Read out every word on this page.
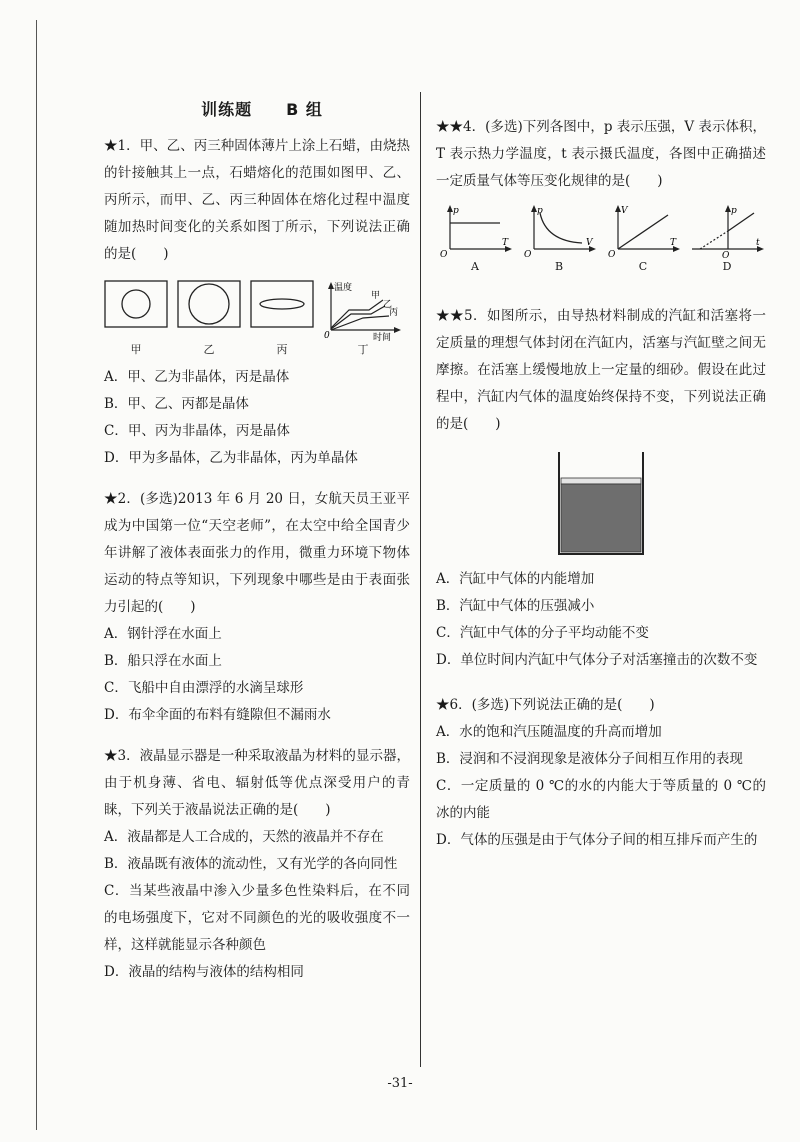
训练题 B 组
★1．甲、乙、丙三种固体薄片上涂上石蜡，由烧热的针接触其上一点，石蜡熔化的范围如图甲、乙、丙所示，而甲、乙、丙三种固体在熔化过程中温度随加热时间变化的关系如图丁所示，下列说法正确的是(　　)
甲	乙	丙
温度
时间
0
甲
乙
丙
丁
A．甲、乙为非晶体，丙是晶体
B．甲、乙、丙都是晶体
C．甲、丙为非晶体，丙是晶体
D．甲为多晶体，乙为非晶体，丙为单晶体
★2．(多选)2013 年 6 月 20 日，女航天员王亚平成为中国第一位“天空老师”，在太空中给全国青少年讲解了液体表面张力的作用，微重力环境下物体运动的特点等知识，下列现象中哪些是由于表面张力引起的(　　)
A．钢针浮在水面上
B．船只浮在水面上
C．飞船中自由漂浮的水滴呈球形
D．布伞伞面的布料有缝隙但不漏雨水
★3．液晶显示器是一种采取液晶为材料的显示器，由于机身薄、省电、辐射低等优点深受用户的青睐，下列关于液晶说法正确的是(　　)
A．液晶都是人工合成的，天然的液晶并不存在
B．液晶既有液体的流动性，又有光学的各向同性
C．当某些液晶中渗入少量多色性染料后，在不同的电场强度下，它对不同颜色的光的吸收强度不一样，这样就能显示各种颜色
D．液晶的结构与液体的结构相同
★★4．(多选)下列各图中，p 表示压强，V 表示体积，T 表示热力学温度，t 表示摄氏温度，各图中正确描述一定质量气体等压变化规律的是(　　)
p
T
O
A
p
V
O
B
V
T
O
C
p
t
O
D
★★5．如图所示，由导热材料制成的汽缸和活塞将一定质量的理想气体封闭在汽缸内，活塞与汽缸壁之间无摩擦。在活塞上缓慢地放上一定量的细砂。假设在此过程中，汽缸内气体的温度始终保持不变，下列说法正确的是(　　)
A．汽缸中气体的内能增加
B．汽缸中气体的压强减小
C．汽缸中气体的分子平均动能不变
D．单位时间内汽缸中气体分子对活塞撞击的次数不变
★6．(多选)下列说法正确的是(　　)
A．水的饱和汽压随温度的升高而增加
B．浸润和不浸润现象是液体分子间相互作用的表现
C．一定质量的 0 ℃的水的内能大于等质量的 0 ℃的冰的内能
D．气体的压强是由于气体分子间的相互排斥而产生的
-31-
